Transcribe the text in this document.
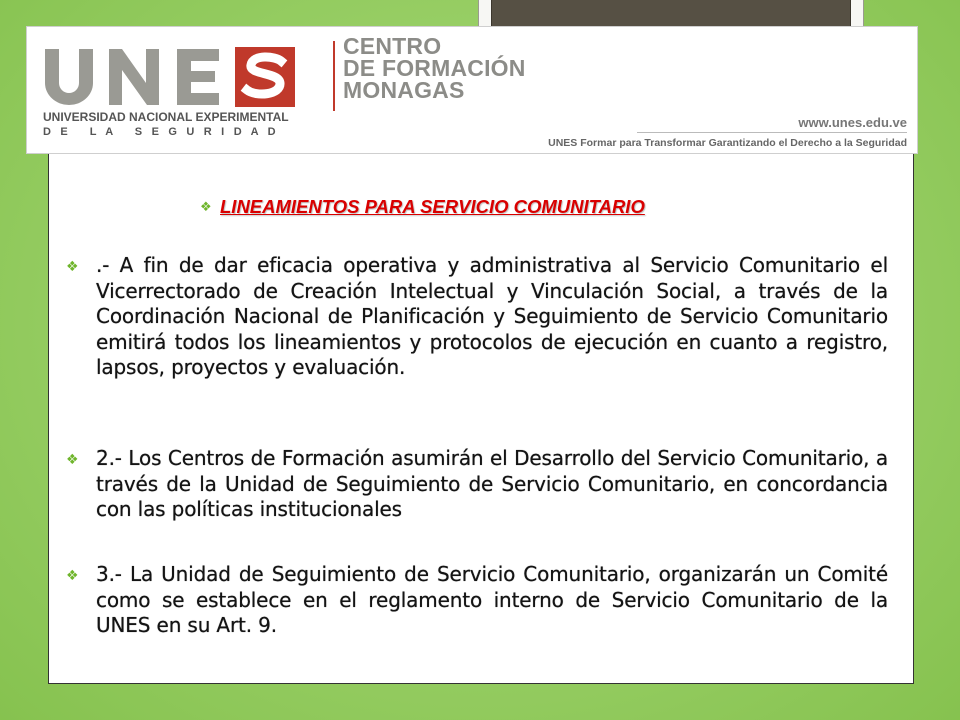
UNIVERSIDAD NACIONAL EXPERIMENTAL
D E   L A   S E G U R I D A D
UNES	CENTRO
DE FORMACIÓN
MONAGAS
www.unes.edu.ve
UNES Formar para Transformar Garantizando el Derecho a la Seguridad
❖ LINEAMIENTOS PARA SERVICIO COMUNITARIO
❖ .- A fin de dar eficacia operativa y administrativa al Servicio Comunitario el Vicerrectorado de Creación Intelectual y Vinculación Social, a través de la Coordinación Nacional de Planificación y Seguimiento de Servicio Comunitario emitirá todos los lineamientos y protocolos de ejecución en cuanto a registro, lapsos, proyectos y evaluación.
❖ 2.- Los Centros de Formación asumirán el Desarrollo del Servicio Comunitario, a través de la Unidad de Seguimiento de Servicio Comunitario, en concordancia con las políticas institucionales
❖ 3.- La Unidad de Seguimiento de Servicio Comunitario, organizarán un Comité como se establece en el reglamento interno de Servicio Comunitario de la UNES en su Art. 9.
